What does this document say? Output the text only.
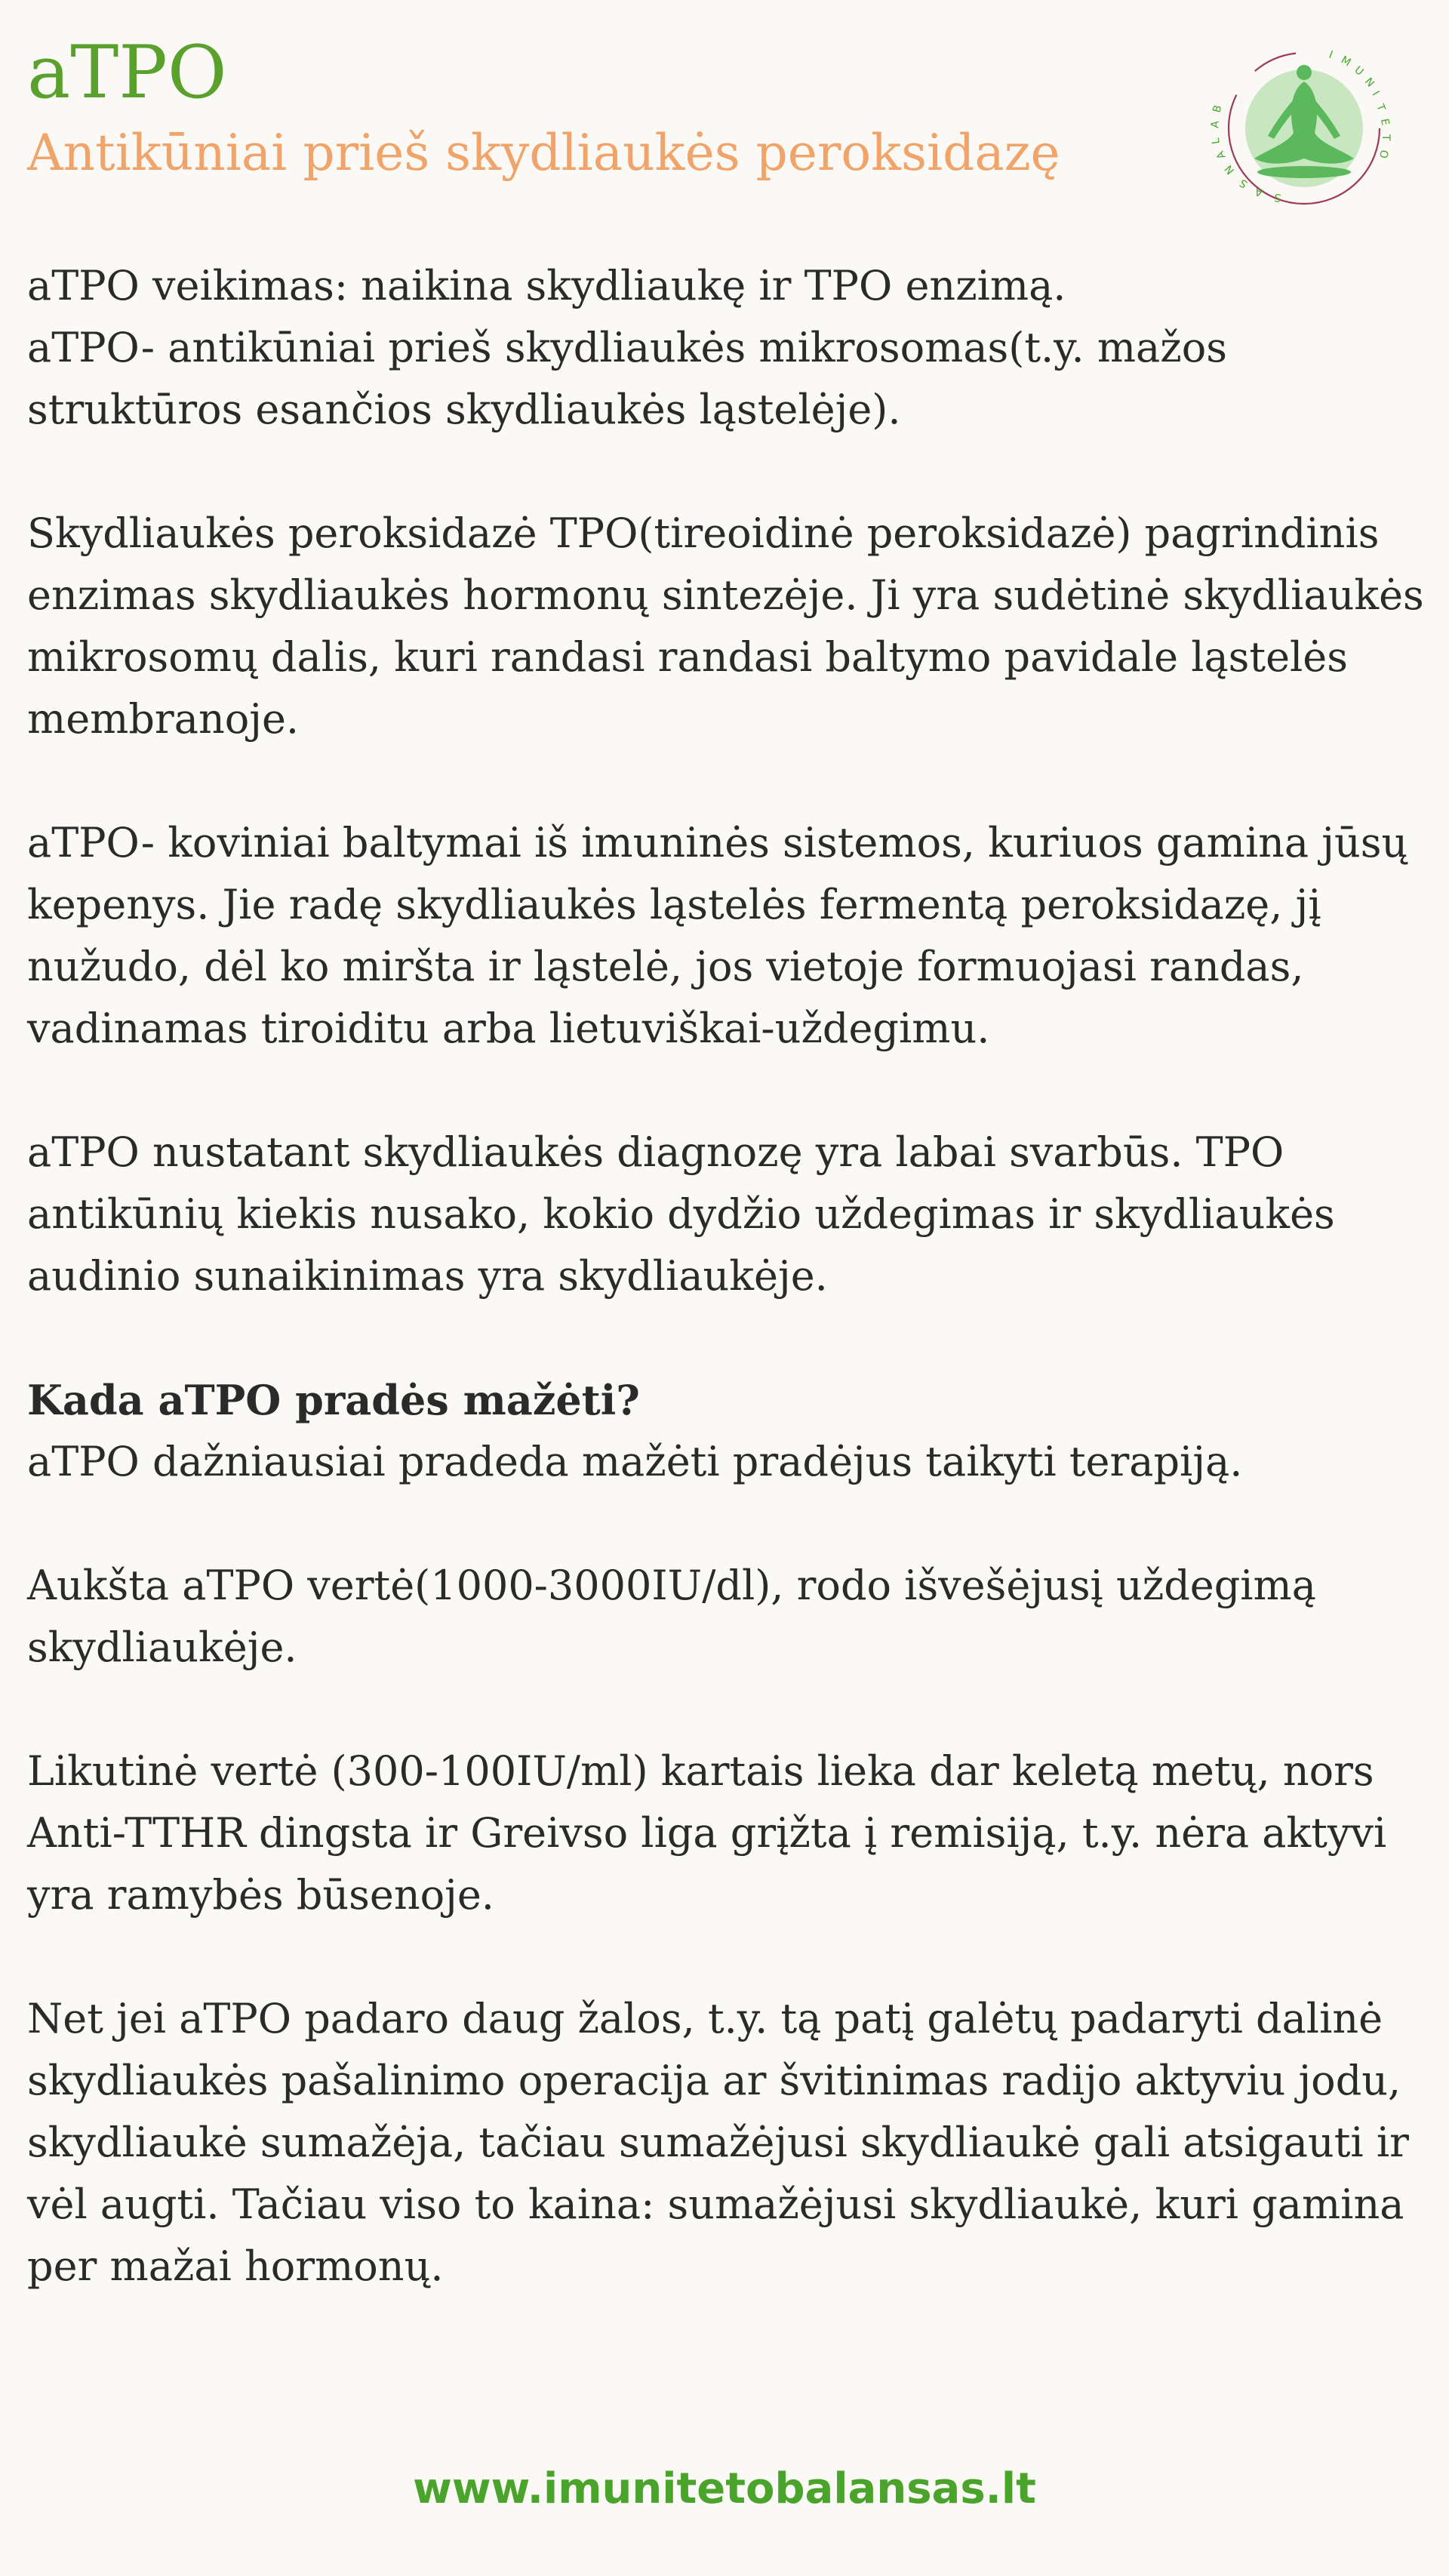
aTPO
Antikūniai prieš skydliaukės peroksidazę
I M
U
N
I
T
E
T
O
B
A
L
A
N
S
A S

aTPO veikimas: naikina skydliaukę ir TPO enzimą.
aTPO- antikūniai prieš skydliaukės mikrosomas(t.y. mažos
struktūros esančios skydliaukės ląstelėje).

Skydliaukės peroksidazė TPO(tireoidinė peroksidazė) pagrindinis
enzimas skydliaukės hormonų sintezėje. Ji yra sudėtinė skydliaukės
mikrosomų dalis, kuri randasi randasi baltymo pavidale ląstelės
membranoje.

aTPO- koviniai baltymai iš imuninės sistemos, kuriuos gamina jūsų
kepenys. Jie radę skydliaukės ląstelės fermentą peroksidazę, jį
nužudo, dėl ko miršta ir ląstelė, jos vietoje formuojasi randas,
vadinamas tiroiditu arba lietuviškai-uždegimu.

aTPO nustatant skydliaukės diagnozę yra labai svarbūs. TPO
antikūnių kiekis nusako, kokio dydžio uždegimas ir skydliaukės
audinio sunaikinimas yra skydliaukėje.

Kada aTPO pradės mažėti?

aTPO dažniausiai pradeda mažėti pradėjus taikyti terapiją.

Aukšta aTPO vertė(1000-3000IU/dl), rodo išvešėjusį uždegimą
skydliaukėje.

Likutinė vertė (300-100IU/ml) kartais lieka dar keletą metų, nors
Anti-TTHR dingsta ir Greivso liga grįžta į remisiją, t.y. nėra aktyvi
yra ramybės būsenoje.

Net jei aTPO padaro daug žalos, t.y. tą patį galėtų padaryti dalinė
skydliaukės pašalinimo operacija ar švitinimas radijo aktyviu jodu,
skydliaukė sumažėja, tačiau sumažėjusi skydliaukė gali atsigauti ir
vėl augti. Tačiau viso to kaina: sumažėjusi skydliaukė, kuri gamina
per mažai hormonų.

www.imunitetobalansas.lt
